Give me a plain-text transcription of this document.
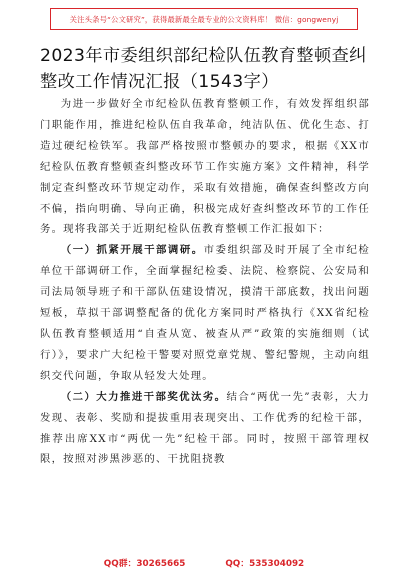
关注头条号“公文研究”，获得最新最全最专业的公文资料库！ 微信：gongwenyj
2023年市委组织部纪检队伍教育整顿查纠整改工作情况汇报（1543字）

为进一步做好全市纪检队伍教育整顿工作，有效发挥组织部门职能作用，推进纪检队伍自我革命，纯洁队伍、优化生态、打造过硬纪检铁军。我部严格按照市整顿办的要求，根据《XX市纪检队伍教育整顿查纠整改环节工作实施方案》文件精神，科学制定查纠整改环节规定动作，采取有效措施，确保查纠整改方向不偏，指向明确、导向正确，积极完成好查纠整改环节的工作任务。现将我部关于近期纪检队伍教育整顿工作汇报如下：

（一）抓紧开展干部调研。市委组织部及时开展了全市纪检单位干部调研工作，全面掌握纪检委、法院、检察院、公安局和司法局领导班子和干部队伍建设情况，摸清干部底数，找出问题短板，草拟干部调整配备的优化方案同时严格执行《XX省纪检队伍教育整顿适用“自查从宽、被查从严”政策的实施细则（试行）》，要求广大纪检干警要对照党章党规、警纪警规，主动向组织交代问题，争取从轻发大处理。

（二）大力推进干部奖优汰劣。结合“两优一先”表彰，大力发现、表彰、奖励和提拔重用表现突出、工作优秀的纪检干部，推荐出席XX市“两优一先”纪检干部。同时，按照干部管理权限，按照对涉黑涉恶的、干扰阻挠教

QQ群：30265665	QQ：535304092
